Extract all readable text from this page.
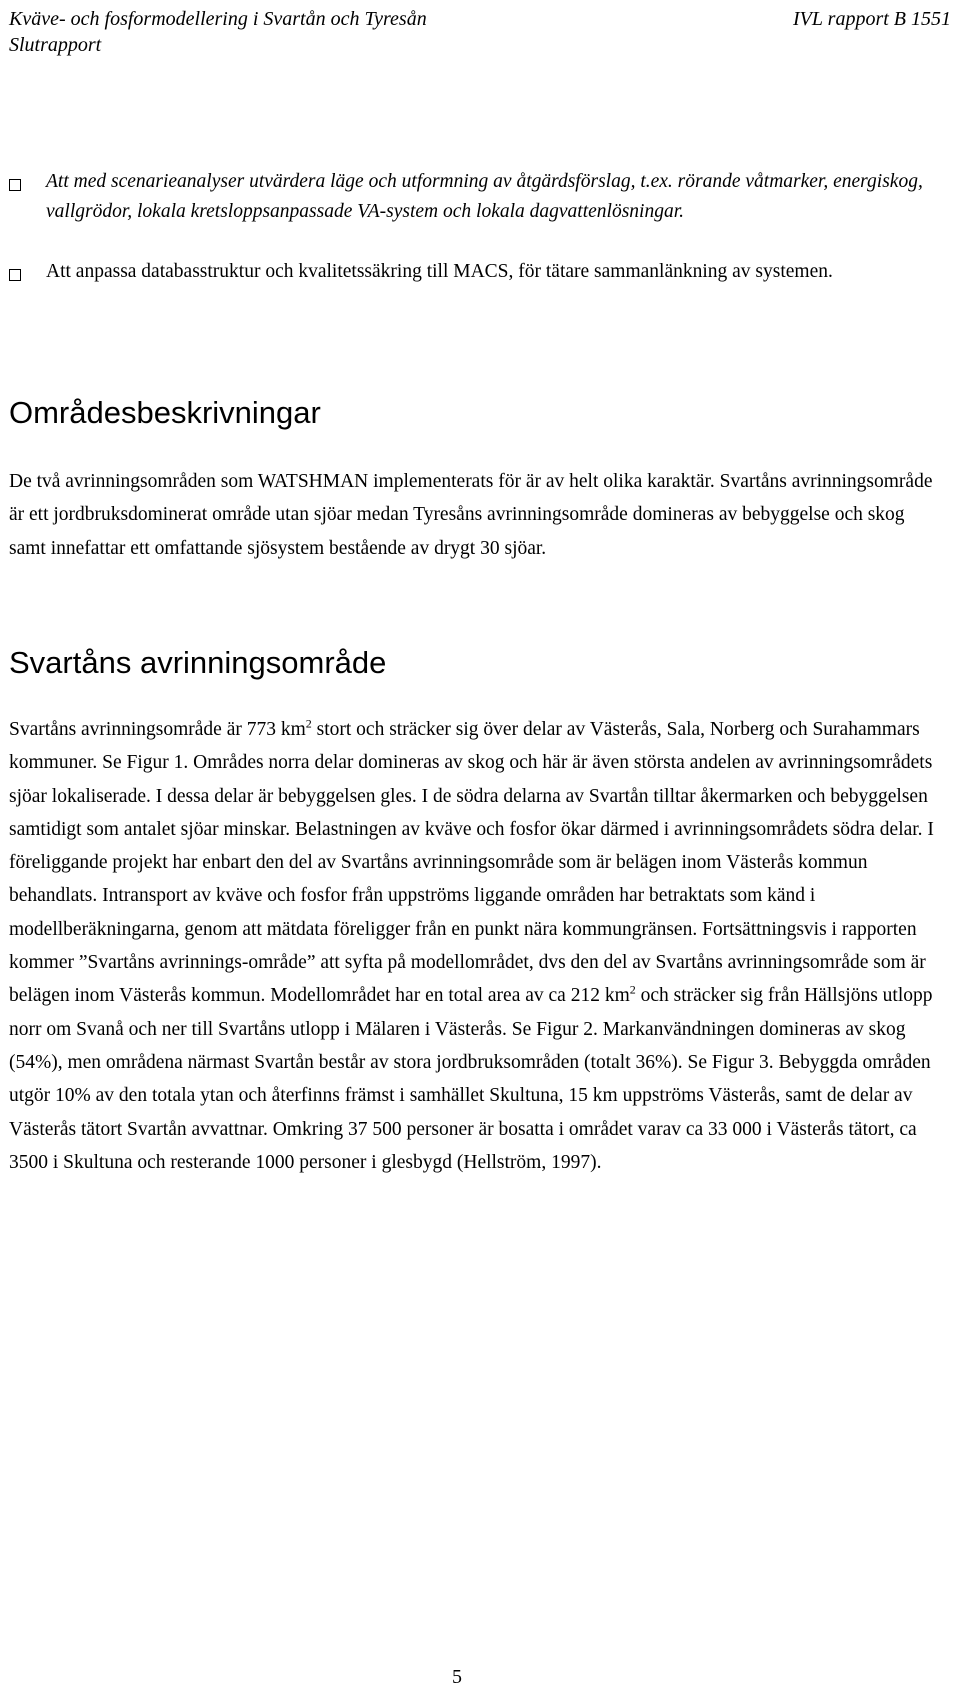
Kväve- och fosformodellering i Svartån och Tyresån	IVL rapport B 1551
Slutrapport
Att med scenarieanalyser utvärdera läge och utformning av åtgärdsförslag, t.ex. rörande våtmarker, energiskog, vallgrödor, lokala kretsloppsanpassade VA-system och lokala dagvattenlösningar.
Att anpassa databasstruktur och kvalitetssäkring till MACS, för tätare sammanlänkning av systemen.
Områdesbeskrivningar

De två avrinningsområden som WATSHMAN implementerats för är av helt olika karaktär. Svartåns avrinningsområde är ett jordbruksdominerat område utan sjöar medan Tyresåns avrinningsområde domineras av bebyggelse och skog samt innefattar ett omfattande sjösystem bestående av drygt 30 sjöar.

Svartåns avrinningsområde

Svartåns avrinningsområde är 773 $km^2$ stort och sträcker sig över delar av Västerås, Sala, Norberg och Surahammars kommuner. Se Figur 1. Områdes norra delar domineras av skog och här är även största andelen av avrinningsområdets sjöar lokaliserade. I dessa delar är bebyggelsen gles. I de södra delarna av Svartån tilltar åkermarken och bebyggelsen samtidigt som antalet sjöar minskar. Belastningen av kväve och fosfor ökar därmed i avrinningsområdets södra delar. I föreliggande projekt har enbart den del av Svartåns avrinningsområde som är belägen inom Västerås kommun behandlats. Intransport av kväve och fosfor från uppströms liggande områden har betraktats som känd i modellberäkningarna, genom att mätdata föreligger från en punkt nära kommungränsen. Fortsättningsvis i rapporten kommer ”Svartåns avrinnings-område” att syfta på modellområdet, dvs den del av Svartåns avrinningsområde som är belägen inom Västerås kommun. Modellområdet har en total area av ca 212 $km^2$ och sträcker sig från Hällsjöns utlopp norr om Svanå och ner till Svartåns utlopp i Mälaren i Västerås. Se Figur 2. Markanvändningen domineras av skog (54%), men områdena närmast Svartån består av stora jordbruksområden (totalt 36%). Se Figur 3. Bebyggda områden utgör 10% av den totala ytan och återfinns främst i samhället Skultuna, 15 km uppströms Västerås, samt de delar av Västerås tätort Svartån avvattnar. Omkring 37 500 personer är bosatta i området varav ca 33 000 i Västerås tätort, ca 3500 i Skultuna och resterande 1000 personer i glesbygd (Hellström, 1997).

5
